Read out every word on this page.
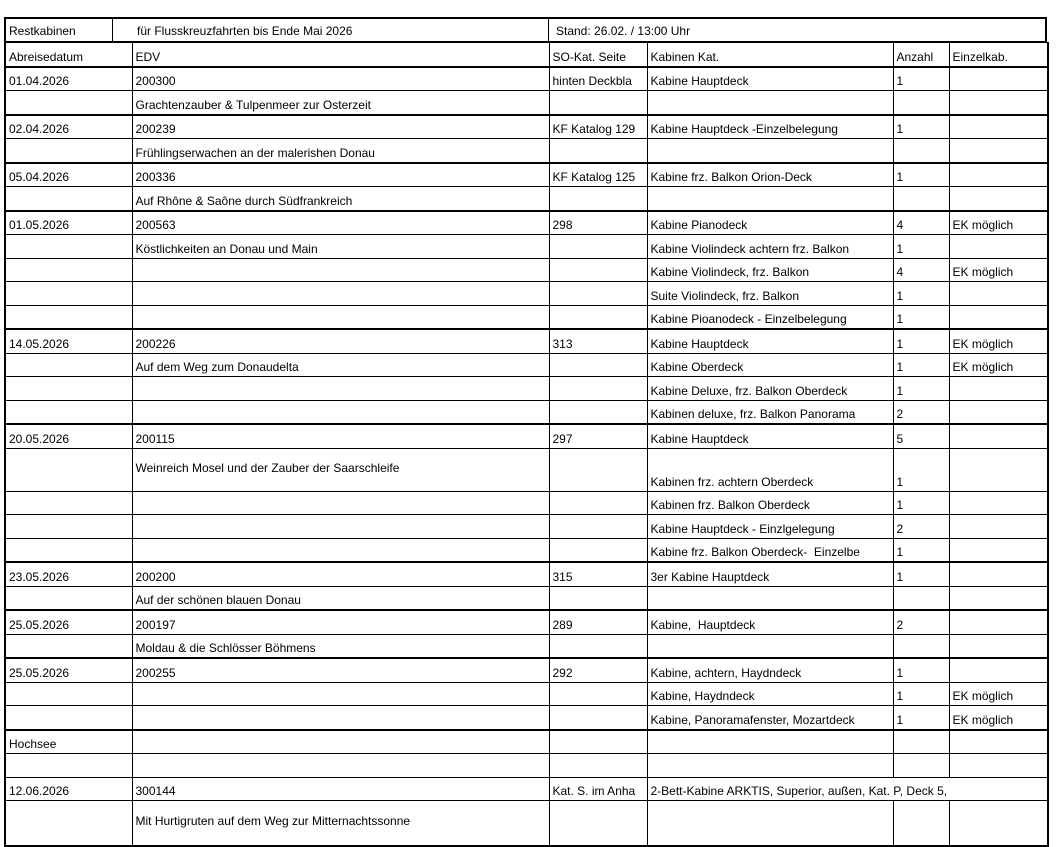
Restkabinen	für Flusskreuzfahrten bis Ende Mai 2026	Stand: 26.02. / 13:00 Uhr
Abreisedatum	EDV	SO-Kat. Seite	Kabinen Kat.	Anzahl	Einzelkab.
01.04.2026	200300	hinten Deckbla	Kabine Hauptdeck	1	
	Grachtenzauber & Tulpenmeer zur Osterzeit				
02.04.2026	200239	KF Katalog 129	Kabine Hauptdeck -Einzelbelegung	1	
	Frühlingserwachen an der malerishen Donau				
05.04.2026	200336	KF Katalog 125	Kabine frz. Balkon Orion-Deck	1	
	Auf Rhône & Saône durch Südfrankreich				
01.05.2026	200563	298	Kabine Pianodeck	4	EK möglich
	Köstlichkeiten an Donau und Main		Kabine Violindeck achtern frz. Balkon	1	
			Kabine Violindeck, frz. Balkon	4	EK möglich
			Suite Violindeck, frz. Balkon	1	
			Kabine Pioanodeck - Einzelbelegung	1	
14.05.2026	200226	313	Kabine Hauptdeck	1	EK möglich
	Auf dem Weg zum Donaudelta		Kabine Oberdeck	1	EK möglich
			Kabine Deluxe, frz. Balkon Oberdeck	1	
			Kabinen deluxe, frz. Balkon Panorama	2	
20.05.2026	200115	297	Kabine Hauptdeck	5	
	Weinreich Mosel und der Zauber der Saarschleife		Kabinen frz. achtern Oberdeck	1	
			Kabinen frz. Balkon Oberdeck	1	
			Kabine Hauptdeck - Einzlgelegung	2	
			Kabine frz. Balkon Oberdeck-  Einzelbe	1	
23.05.2026	200200	315	3er Kabine Hauptdeck	1	
	Auf der schönen blauen Donau				
25.05.2026	200197	289	Kabine,  Hauptdeck	2	
	Moldau & die Schlösser Böhmens				
25.05.2026	200255	292	Kabine, achtern, Haydndeck	1	
			Kabine, Haydndeck	1	EK möglich
			Kabine, Panoramafenster, Mozartdeck	1	EK möglich
Hochsee					

12.06.2026	300144	Kat. S. im Anha	2-Bett-Kabine ARKTIS, Superior, außen, Kat. P, Deck 5,		
	Mit Hurtigruten auf dem Weg zur Mitternachtssonne				
